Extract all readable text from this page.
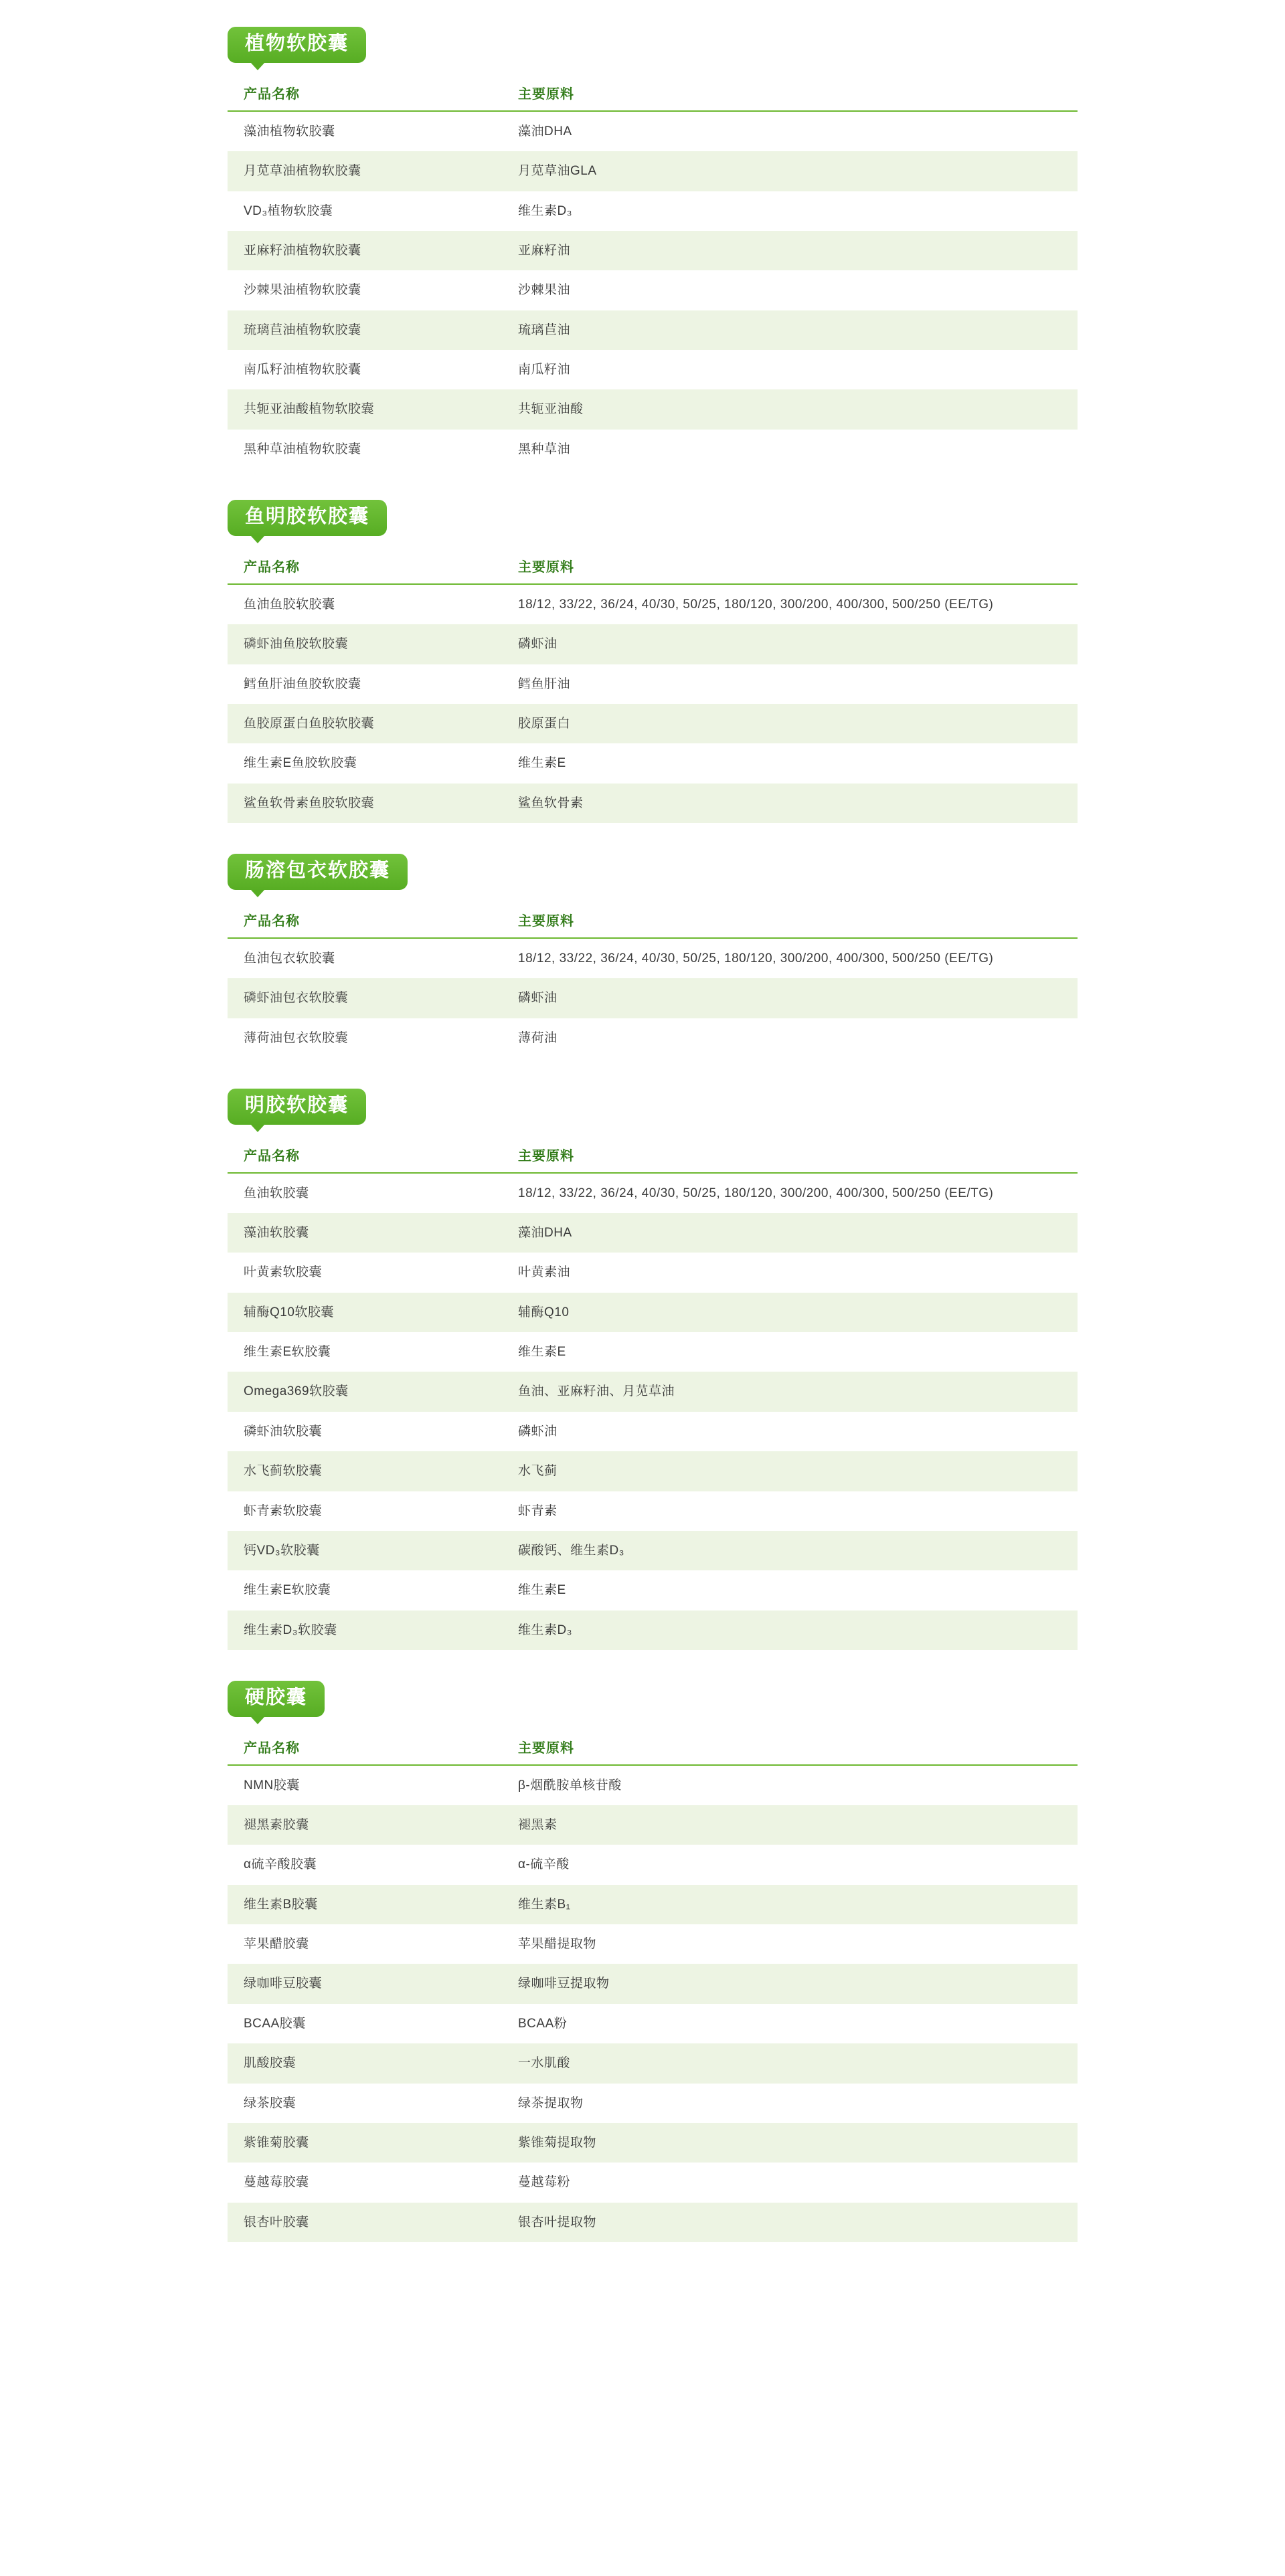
植物软胶囊
产品名称	主要原料
藻油植物软胶囊	藻油DHA
月苋草油植物软胶囊	月苋草油GLA
VD₃植物软胶囊	维生素D₃
亚麻籽油植物软胶囊	亚麻籽油
沙棘果油植物软胶囊	沙棘果油
琉璃苣油植物软胶囊	琉璃苣油
南瓜籽油植物软胶囊	南瓜籽油
共轭亚油酸植物软胶囊	共轭亚油酸
黑种草油植物软胶囊	黑种草油
鱼明胶软胶囊
产品名称	主要原料
鱼油鱼胶软胶囊	18/12, 33/22, 36/24, 40/30, 50/25, 180/120, 300/200, 400/300, 500/250 (EE/TG)
磷虾油鱼胶软胶囊	磷虾油
鳕鱼肝油鱼胶软胶囊	鳕鱼肝油
鱼胶原蛋白鱼胶软胶囊	胶原蛋白
维生素E鱼胶软胶囊	维生素E
鲨鱼软骨素鱼胶软胶囊	鲨鱼软骨素
肠溶包衣软胶囊
产品名称	主要原料
鱼油包衣软胶囊	18/12, 33/22, 36/24, 40/30, 50/25, 180/120, 300/200, 400/300, 500/250 (EE/TG)
磷虾油包衣软胶囊	磷虾油
薄荷油包衣软胶囊	薄荷油
明胶软胶囊
产品名称	主要原料
鱼油软胶囊	18/12, 33/22, 36/24, 40/30, 50/25, 180/120, 300/200, 400/300, 500/250 (EE/TG)
藻油软胶囊	藻油DHA
叶黄素软胶囊	叶黄素油
辅酶Q10软胶囊	辅酶Q10
维生素E软胶囊	维生素E
Omega369软胶囊	鱼油、亚麻籽油、月苋草油
磷虾油软胶囊	磷虾油
水飞蓟软胶囊	水飞蓟
虾青素软胶囊	虾青素
钙VD₃软胶囊	碳酸钙、维生素D₃
维生素E软胶囊	维生素E
维生素D₃软胶囊	维生素D₃
硬胶囊
产品名称	主要原料
NMN胶囊	β-烟酰胺单核苷酸
褪黑素胶囊	褪黑素
α硫辛酸胶囊	α-硫辛酸
维生素B胶囊	维生素B₁
苹果醋胶囊	苹果醋提取物
绿咖啡豆胶囊	绿咖啡豆提取物
BCAA胶囊	BCAA粉
肌酸胶囊	一水肌酸
绿茶胶囊	绿茶提取物
紫锥菊胶囊	紫锥菊提取物
蔓越莓胶囊	蔓越莓粉
银杏叶胶囊	银杏叶提取物
